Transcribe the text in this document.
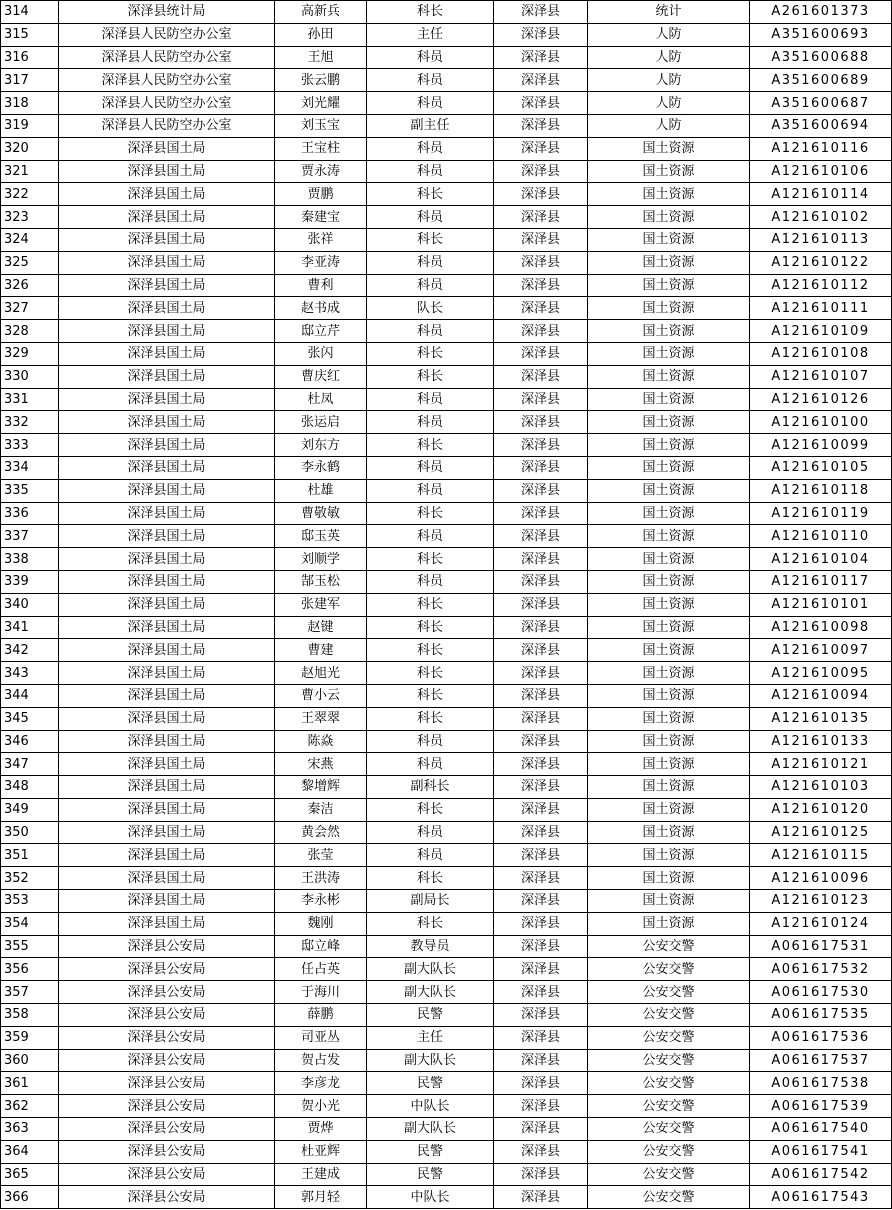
314	深泽县统计局	高新兵	科长	深泽县	统计	A261601373
315	深泽县人民防空办公室	孙田	主任	深泽县	人防	A351600693
316	深泽县人民防空办公室	王旭	科员	深泽县	人防	A351600688
317	深泽县人民防空办公室	张云鹏	科员	深泽县	人防	A351600689
318	深泽县人民防空办公室	刘光耀	科员	深泽县	人防	A351600687
319	深泽县人民防空办公室	刘玉宝	副主任	深泽县	人防	A351600694
320	深泽县国土局	王宝柱	科员	深泽县	国土资源	A121610116
321	深泽县国土局	贾永涛	科员	深泽县	国土资源	A121610106
322	深泽县国土局	贾鹏	科长	深泽县	国土资源	A121610114
323	深泽县国土局	秦建宝	科员	深泽县	国土资源	A121610102
324	深泽县国土局	张祥	科长	深泽县	国土资源	A121610113
325	深泽县国土局	李亚涛	科员	深泽县	国土资源	A121610122
326	深泽县国土局	曹利	科员	深泽县	国土资源	A121610112
327	深泽县国土局	赵书成	队长	深泽县	国土资源	A121610111
328	深泽县国土局	邸立芹	科员	深泽县	国土资源	A121610109
329	深泽县国土局	张闪	科长	深泽县	国土资源	A121610108
330	深泽县国土局	曹庆红	科长	深泽县	国土资源	A121610107
331	深泽县国土局	杜凤	科员	深泽县	国土资源	A121610126
332	深泽县国土局	张运启	科员	深泽县	国土资源	A121610100
333	深泽县国土局	刘东方	科长	深泽县	国土资源	A121610099
334	深泽县国土局	李永鹤	科员	深泽县	国土资源	A121610105
335	深泽县国土局	杜雄	科员	深泽县	国土资源	A121610118
336	深泽县国土局	曹敬敏	科长	深泽县	国土资源	A121610119
337	深泽县国土局	邸玉英	科员	深泽县	国土资源	A121610110
338	深泽县国土局	刘顺学	科长	深泽县	国土资源	A121610104
339	深泽县国土局	郜玉松	科员	深泽县	国土资源	A121610117
340	深泽县国土局	张建军	科长	深泽县	国土资源	A121610101
341	深泽县国土局	赵键	科长	深泽县	国土资源	A121610098
342	深泽县国土局	曹建	科长	深泽县	国土资源	A121610097
343	深泽县国土局	赵旭光	科长	深泽县	国土资源	A121610095
344	深泽县国土局	曹小云	科长	深泽县	国土资源	A121610094
345	深泽县国土局	王翠翠	科长	深泽县	国土资源	A121610135
346	深泽县国土局	陈焱	科员	深泽县	国土资源	A121610133
347	深泽县国土局	宋燕	科员	深泽县	国土资源	A121610121
348	深泽县国土局	黎增辉	副科长	深泽县	国土资源	A121610103
349	深泽县国土局	秦洁	科长	深泽县	国土资源	A121610120
350	深泽县国土局	黄会然	科员	深泽县	国土资源	A121610125
351	深泽县国土局	张莹	科员	深泽县	国土资源	A121610115
352	深泽县国土局	王洪涛	科长	深泽县	国土资源	A121610096
353	深泽县国土局	李永彬	副局长	深泽县	国土资源	A121610123
354	深泽县国土局	魏刚	科长	深泽县	国土资源	A121610124
355	深泽县公安局	邸立峰	教导员	深泽县	公安交警	A061617531
356	深泽县公安局	任占英	副大队长	深泽县	公安交警	A061617532
357	深泽县公安局	于海川	副大队长	深泽县	公安交警	A061617530
358	深泽县公安局	薛鹏	民警	深泽县	公安交警	A061617535
359	深泽县公安局	司亚丛	主任	深泽县	公安交警	A061617536
360	深泽县公安局	贺占发	副大队长	深泽县	公安交警	A061617537
361	深泽县公安局	李彦龙	民警	深泽县	公安交警	A061617538
362	深泽县公安局	贺小光	中队长	深泽县	公安交警	A061617539
363	深泽县公安局	贾烨	副大队长	深泽县	公安交警	A061617540
364	深泽县公安局	杜亚辉	民警	深泽县	公安交警	A061617541
365	深泽县公安局	王建成	民警	深泽县	公安交警	A061617542
366	深泽县公安局	郭月轻	中队长	深泽县	公安交警	A061617543
